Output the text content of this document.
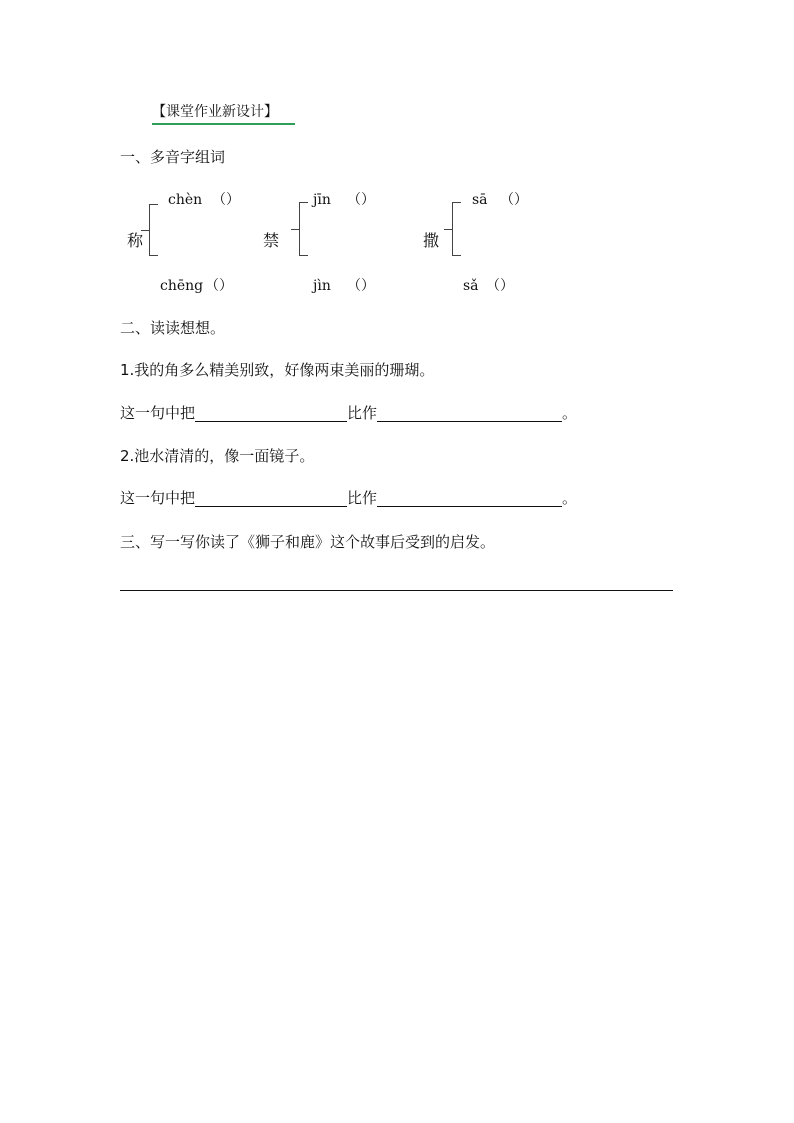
【课堂作业新设计】
一、多音字组词
chèn （）
称
chēng （）
jīn （）
禁
jìn （）
sā （）
撒
sǎ （）
二、读读想想。
1.我的角多么精美别致，好像两束美丽的珊瑚。
这一句中把	比作	。
2.池水清清的，像一面镜子。
这一句中把	比作	。
三、写一写你读了《狮子和鹿》这个故事后受到的启发。
